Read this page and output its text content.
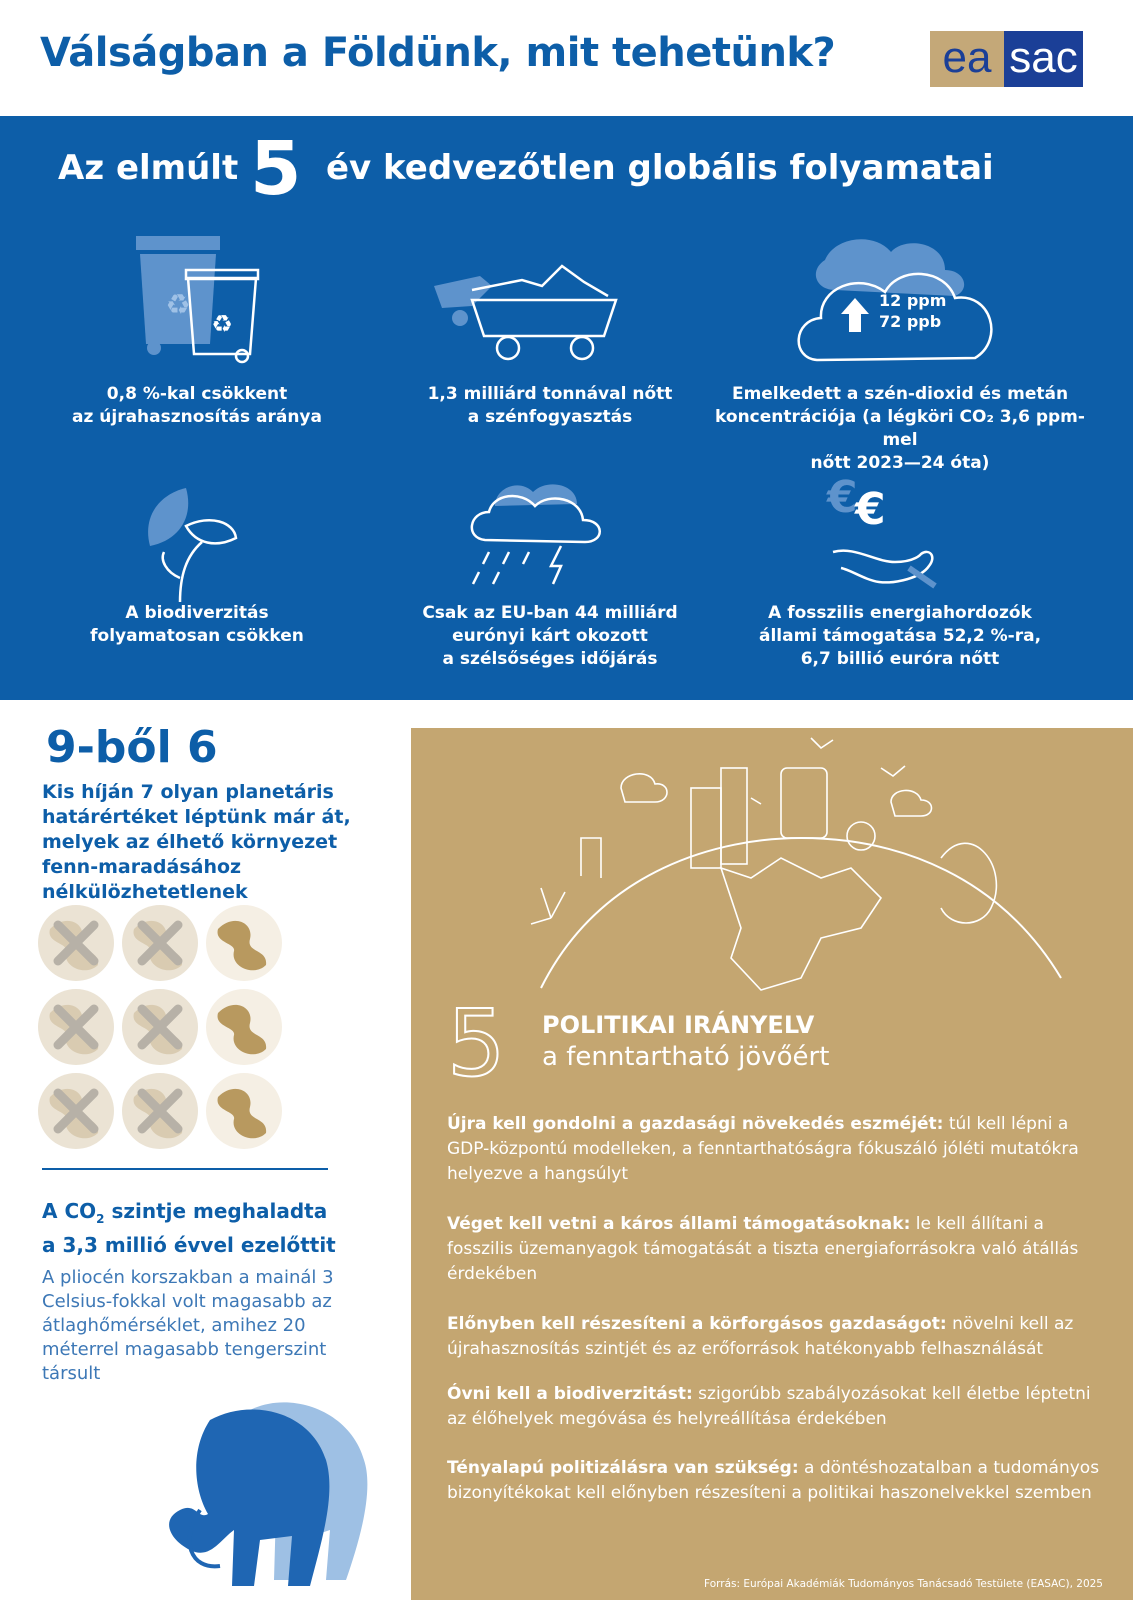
Válságban a Földünk, mit tehetünk? ea sac
Az elmúlt 5 év kedvezőtlen globális folyamatai
♻
♻
12 ppm
72 ppb
0,8 %-kal csökkent
az újrahasznosítás aránya
1,3 milliárd tonnával nőtt
a szénfogyasztás
Emelkedett a szén-dioxid és metán
koncentrációja (a légköri CO₂ 3,6 ppm-mel
nőtt 2023—24 óta)
€
€
A biodiverzitás
folyamatosan csökken
Csak az EU-ban 44 milliárd
eurónyi kárt okozott
a szélsőséges időjárás
A fosszilis energiahordozók
állami támogatása 52,2 %-ra,
6,7 billió euróra nőtt
9-ből 6
Kis híján 7 olyan planetáris határértéket léptünk már át, melyek az élhető környezet fenn-maradásához nélkülözhetetlenek
A $CO_2$ szintje meghaladta
a 3,3 millió évvel ezelőttit
A pliocén korszakban a mainál 3 Celsius-fokkal volt magasabb az átlaghőmérséklet, amihez 20 méterrel magasabb tengerszint társult
5 POLITIKAI IRÁNYELV
a fenntartható jövőért
Újra kell gondolni a gazdasági növekedés eszméjét: túl kell lépni a GDP-központú modelleken, a fenntarthatóságra fókuszáló jóléti mutatókra helyezve a hangsúlyt
Véget kell vetni a káros állami támogatásoknak: le kell állítani a fosszilis üzemanyagok támogatását a tiszta energiaforrásokra való átállás érdekében
Előnyben kell részesíteni a körforgásos gazdaságot: növelni kell az újrahasznosítás szintjét és az erőforrások hatékonyabb felhasználását
Óvni kell a biodiverzitást: szigorúbb szabályozásokat kell életbe léptetni az élőhelyek megóvása és helyreállítása érdekében
Tényalapú politizálásra van szükség: a döntéshozatalban a tudományos bizonyítékokat kell előnyben részesíteni a politikai haszonelvekkel szemben
Forrás: Európai Akadémiák Tudományos Tanácsadó Testülete (EASAC), 2025
